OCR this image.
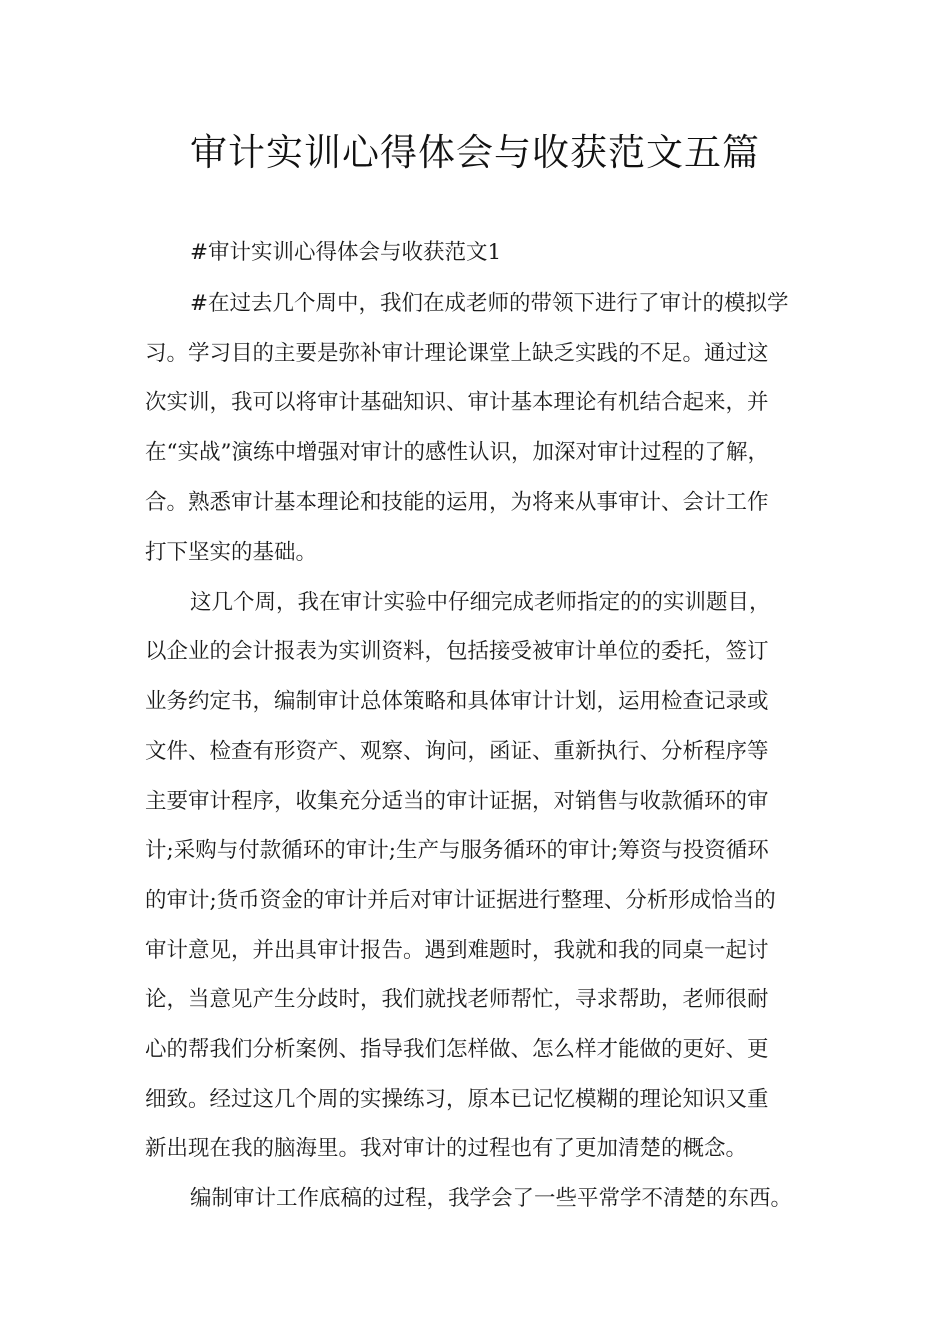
审计实训心得体会与收获范文五篇

#审计实训心得体会与收获范文1

#在过去几个周中，我们在成老师的带领下进行了审计的模拟学

习。学习目的主要是弥补审计理论课堂上缺乏实践的不足。通过这

次实训，我可以将审计基础知识、审计基本理论有机结合起来，并

在“实战”演练中增强对审计的感性认识，加深对审计过程的了解，

合。熟悉审计基本理论和技能的运用，为将来从事审计、会计工作

打下坚实的基础。

这几个周，我在审计实验中仔细完成老师指定的的实训题目，

以企业的会计报表为实训资料，包括接受被审计单位的委托，签订

业务约定书，编制审计总体策略和具体审计计划，运用检查记录或

文件、检查有形资产、观察、询问，函证、重新执行、分析程序等

主要审计程序，收集充分适当的审计证据，对销售与收款循环的审

计;采购与付款循环的审计;生产与服务循环的审计;筹资与投资循环

的审计;货币资金的审计并后对审计证据进行整理、分析形成恰当的

审计意见，并出具审计报告。遇到难题时，我就和我的同桌一起讨

论，当意见产生分歧时，我们就找老师帮忙，寻求帮助，老师很耐

心的帮我们分析案例、指导我们怎样做、怎么样才能做的更好、更

细致。经过这几个周的实操练习，原本已记忆模糊的理论知识又重

新出现在我的脑海里。我对审计的过程也有了更加清楚的概念。

编制审计工作底稿的过程，我学会了一些平常学不清楚的东西。
